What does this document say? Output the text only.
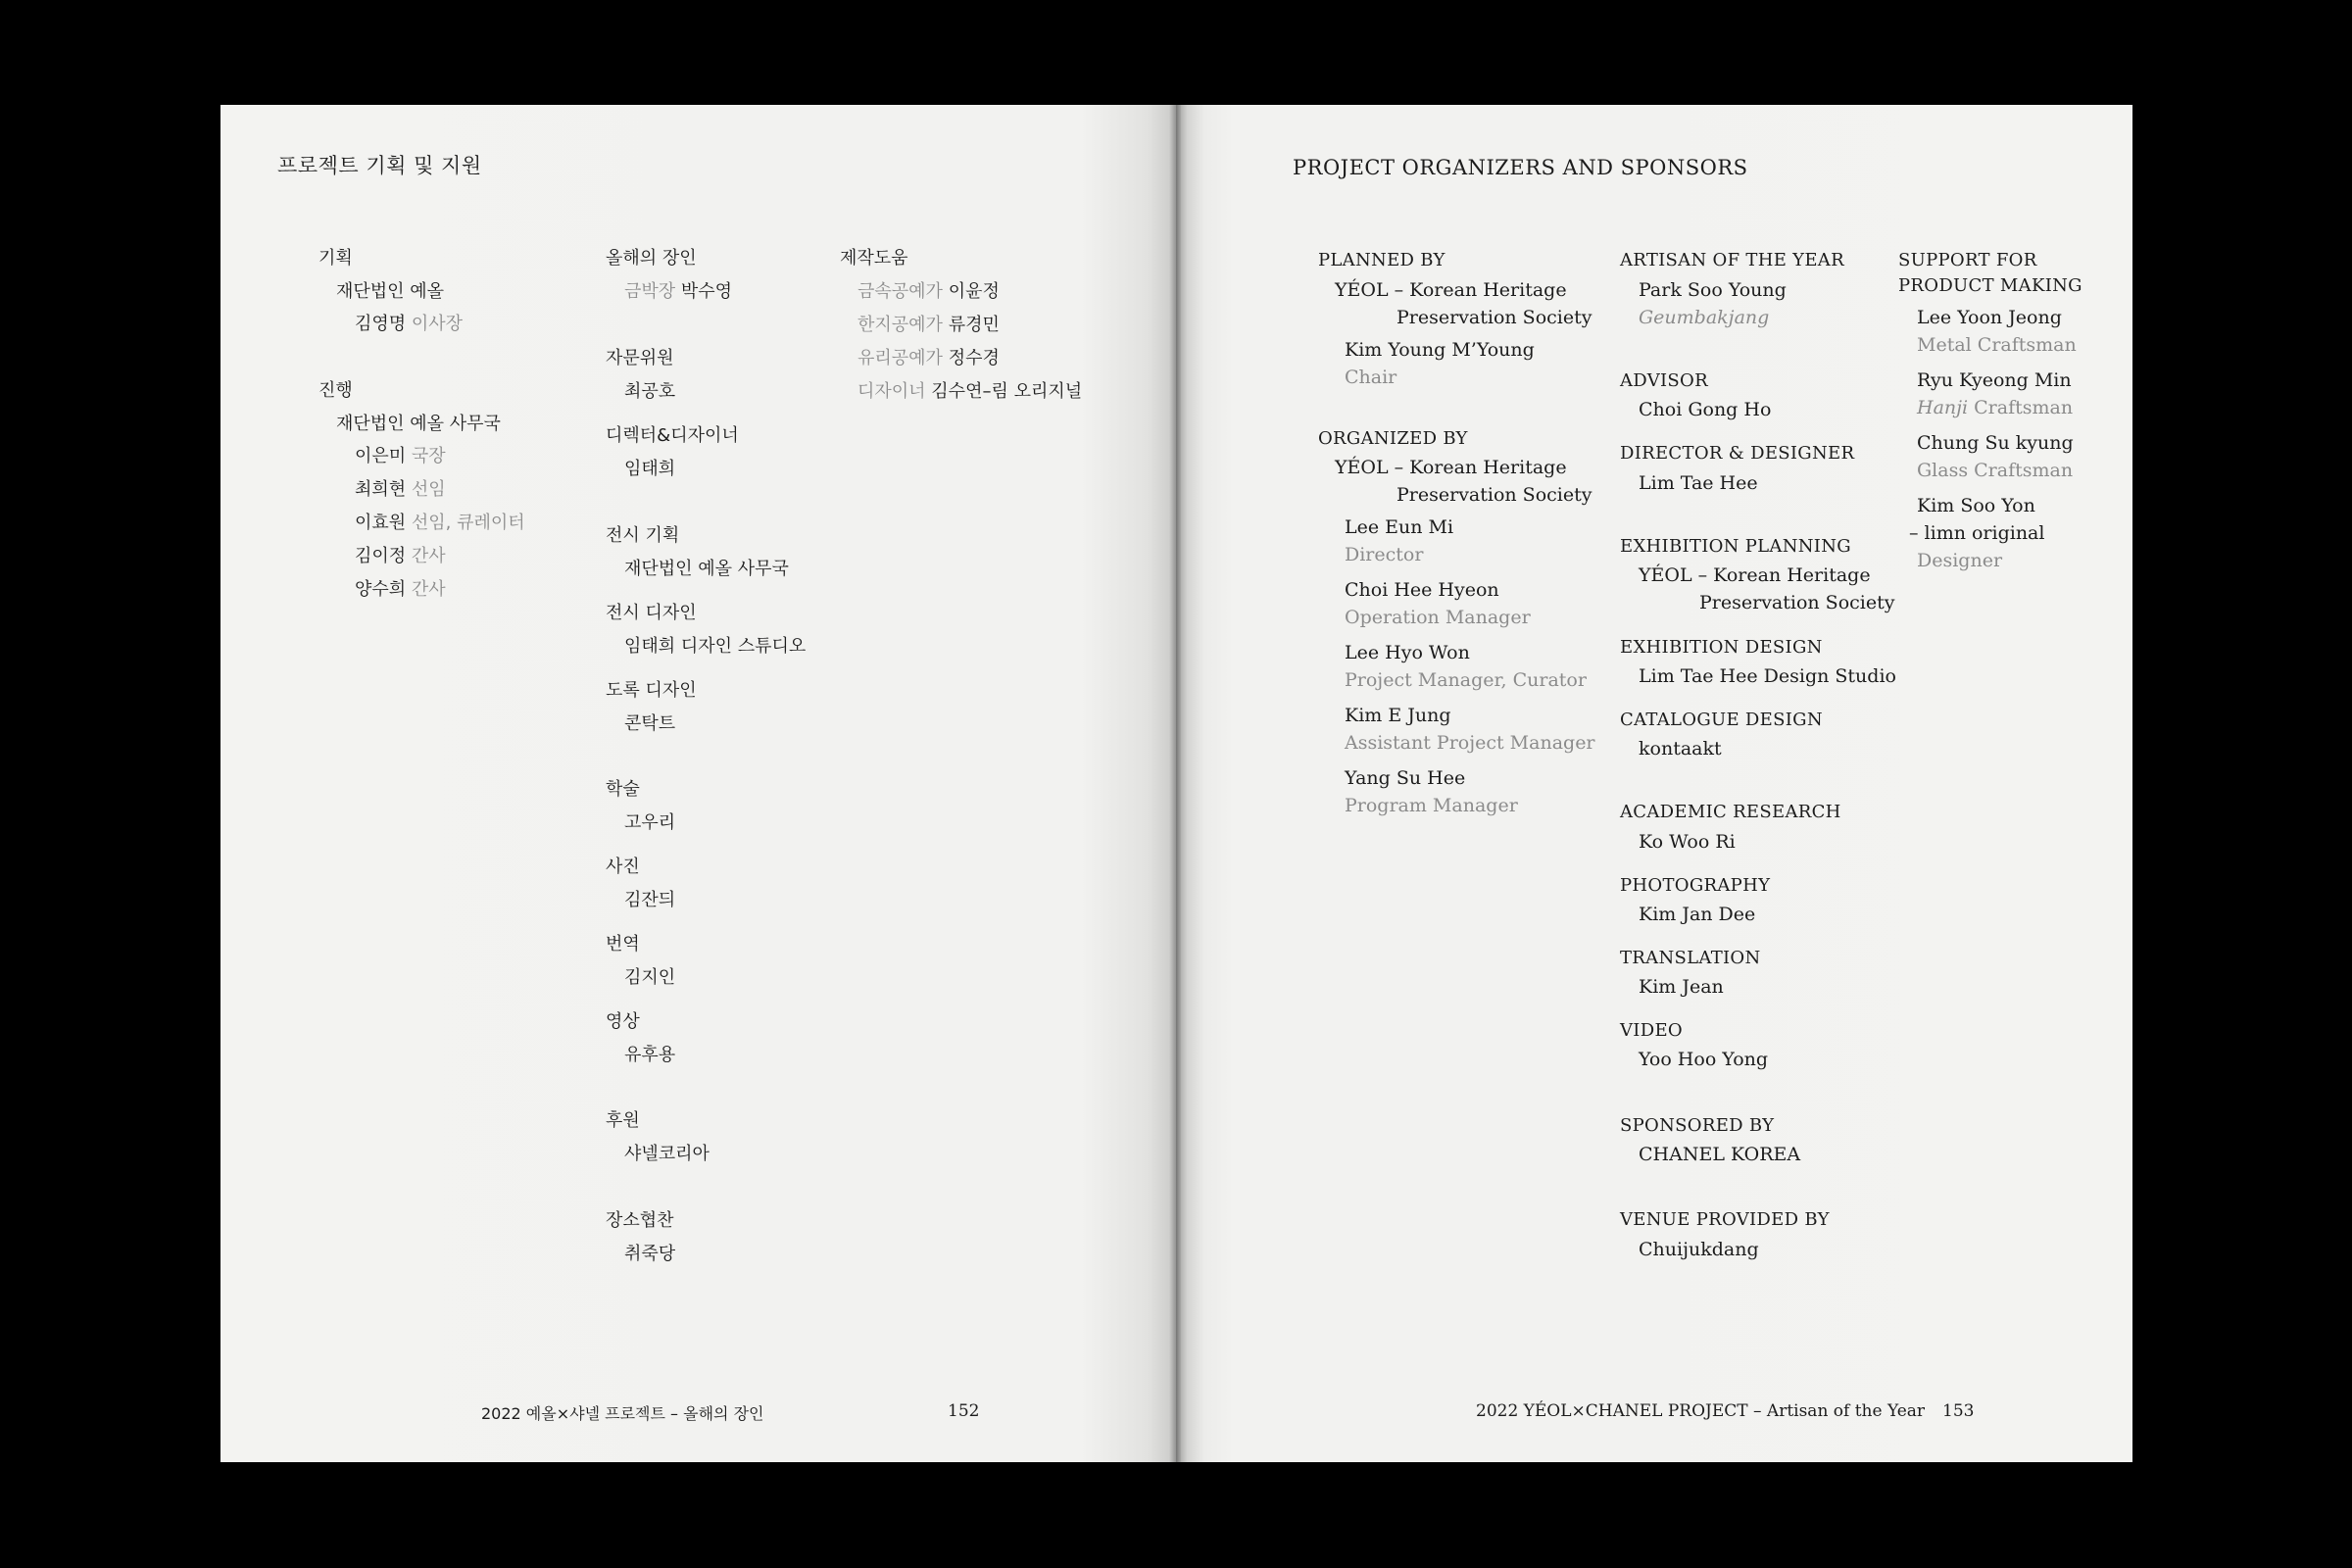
프로젝트 기획 및 지원
기획
재단법인 예올
김영명 이사장
진행
재단법인 예올 사무국
이은미 국장
최희현 선임
이효원 선임, 큐레이터
김이정 간사
양수희 간사
올해의 장인
금박장 박수영
자문위원
최공호
디렉터&디자이너
임태희
전시 기획
재단법인 예올 사무국
전시 디자인
임태희 디자인 스튜디오
도록 디자인
콘탁트
학술
고우리
사진
김잔듸
번역
김지인
영상
유후용
후원
샤넬코리아
장소협찬
취죽당
제작도움
금속공예가 이윤정
한지공예가 류경민
유리공예가 정수경
디자이너 김수연–림 오리지널
2022 예올×샤넬 프로젝트 – 올해의 장인	152
PROJECT ORGANIZERS AND SPONSORS
PLANNED BY
YÉOL – Korean Heritage
Preservation Society
Kim Young M’Young
Chair
ORGANIZED BY
YÉOL – Korean Heritage
Preservation Society
Lee Eun Mi
Director
Choi Hee Hyeon
Operation Manager
Lee Hyo Won
Project Manager, Curator
Kim E Jung
Assistant Project Manager
Yang Su Hee
Program Manager
ARTISAN OF THE YEAR
Park Soo Young
Geumbakjang
ADVISOR
Choi Gong Ho
DIRECTOR & DESIGNER
Lim Tae Hee
EXHIBITION PLANNING
YÉOL – Korean Heritage
Preservation Society
EXHIBITION DESIGN
Lim Tae Hee Design Studio
CATALOGUE DESIGN
kontaakt
ACADEMIC RESEARCH
Ko Woo Ri
PHOTOGRAPHY
Kim Jan Dee
TRANSLATION
Kim Jean
VIDEO
Yoo Hoo Yong
SPONSORED BY
CHANEL KOREA
VENUE PROVIDED BY
Chuijukdang
SUPPORT FOR
PRODUCT MAKING
Lee Yoon Jeong
Metal Craftsman
Ryu Kyeong Min
Hanji Craftsman
Chung Su kyung
Glass Craftsman
Kim Soo Yon
– limn original
Designer
2022 YÉOL×CHANEL PROJECT – Artisan of the Year 153
